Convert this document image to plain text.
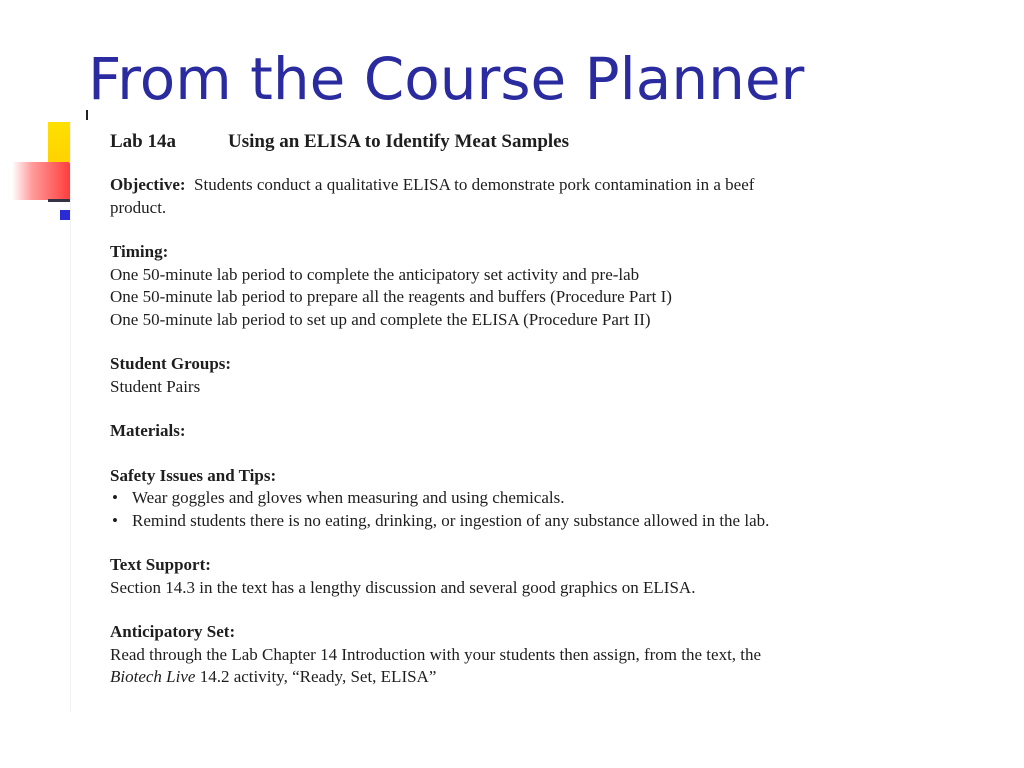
From the Course Planner
Lab 14a	Using an ELISA to Identify Meat Samples
Objective: Students conduct a qualitative ELISA to demonstrate pork contamination in a beef
product.
Timing:
One 50-minute lab period to complete the anticipatory set activity and pre-lab
One 50-minute lab period to prepare all the reagents and buffers (Procedure Part I)
One 50-minute lab period to set up and complete the ELISA (Procedure Part II)
Student Groups:
Student Pairs
Materials:
Safety Issues and Tips:
• Wear goggles and gloves when measuring and using chemicals.
• Remind students there is no eating, drinking, or ingestion of any substance allowed in the lab.
Text Support:
Section 14.3 in the text has a lengthy discussion and several good graphics on ELISA.
Anticipatory Set:
Read through the Lab Chapter 14 Introduction with your students then assign, from the text, the
Biotech Live 14.2 activity, “Ready, Set, ELISA”
